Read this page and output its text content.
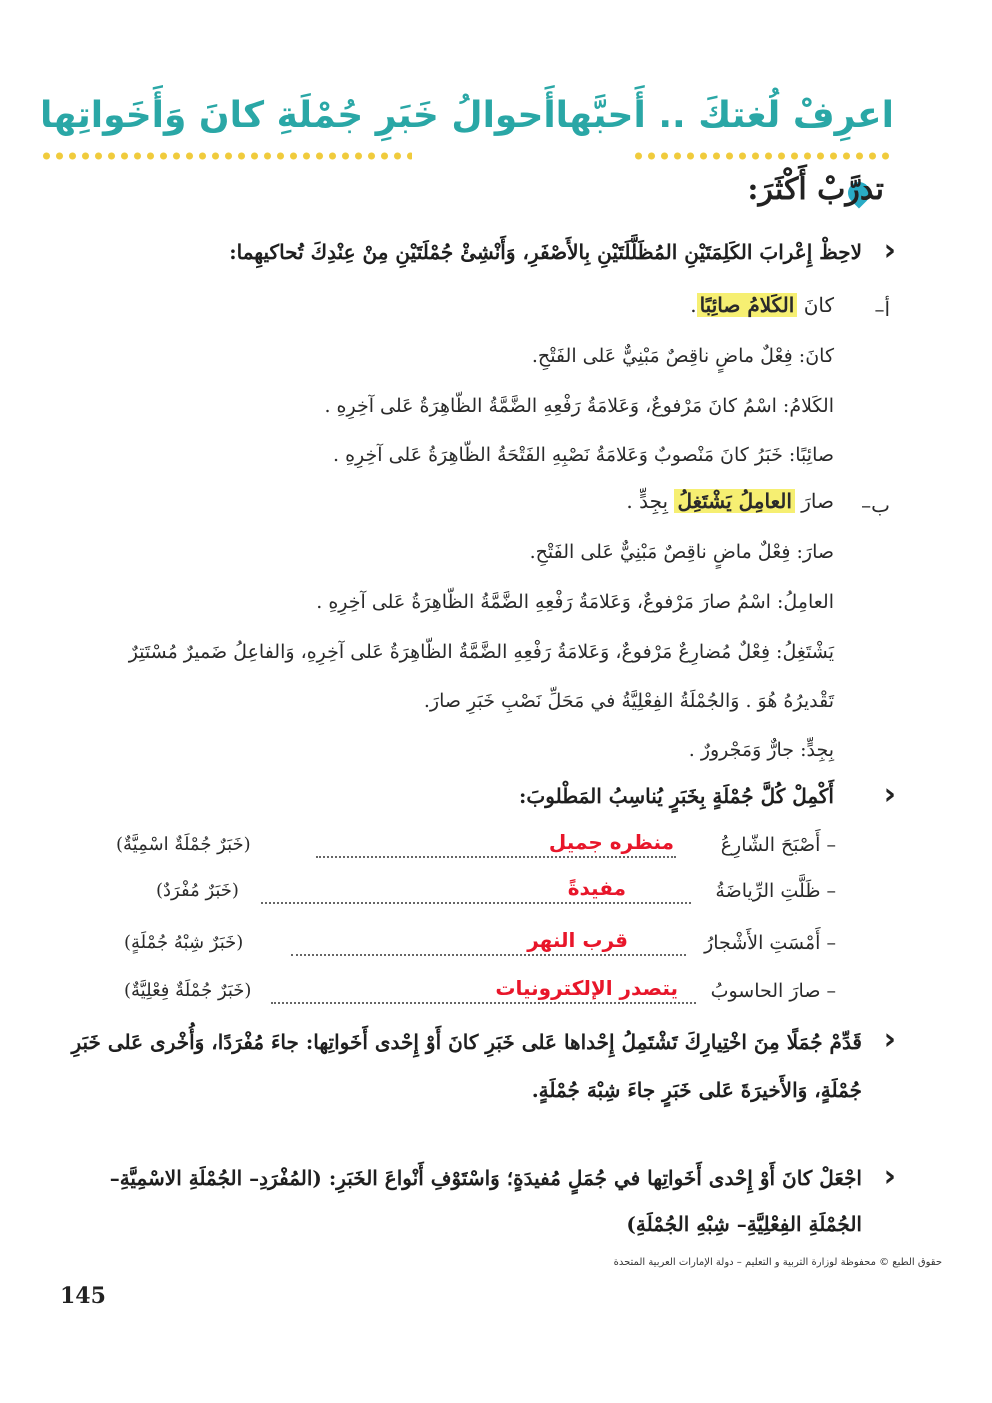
اعرِفْ لُغتكَ .. أَحبَّها
أَحوالُ خَبَرِ جُمْلَةِ كانَ وَأَخَواتِها
تدرَّبْ أَكْثَرَ:
›
لاحِظْ إِعْرابَ الكَلِمَتَيْنِ المُظَلَّلَتَيْنِ بِالأَصْفَرِ، وَأَنْشِئْ جُمْلَتَيْنِ مِنْ عِنْدِكَ تُحاكيهِما:
أ–
كانَ الكَلامُ صائِبًا.
كانَ: فِعْلٌ ماضٍ ناقِصٌ مَبْنِيٌّ عَلى الفَتْحِ.
الكَلامُ: اسْمُ كانَ مَرْفوعٌ، وَعَلامَةُ رَفْعِهِ الضَّمَّةُ الظّاهِرَةُ عَلى آخِرِهِ .
صائِبًا: خَبَرُ كانَ مَنْصوبٌ وَعَلامَةُ نَصْبِهِ الفَتْحَةُ الظّاهِرَةُ عَلى آخِرِهِ .
ب–
صارَ العامِلُ يَشْتَغِلُ بِجِدٍّ .
صارَ: فِعْلٌ ماضٍ ناقِصٌ مَبْنِيٌّ عَلى الفَتْحِ.
العامِلُ: اسْمُ صارَ مَرْفوعٌ، وَعَلامَةُ رَفْعِهِ الضَّمَّةُ الظّاهِرَةُ عَلى آخِرِهِ .
يَشْتَغِلُ: فِعْلٌ مُضارِعٌ مَرْفوعٌ، وَعَلامَةُ رَفْعِهِ الضَّمَّةُ الظّاهِرَةُ عَلى آخِرِهِ، وَالفاعِلُ ضَميرٌ مُسْتَتِرٌ
تَقْديرُهُ هُوَ . وَالجُمْلَةُ الفِعْلِيَّةُ في مَحَلِّ نَصْبِ خَبَرِ صارَ.
بِجِدٍّ: جارٌّ وَمَجْرورٌ .
›
أَكْمِلْ كُلَّ جُمْلَةٍ بِخَبَرٍ يُناسِبُ المَطْلوبَ:
– أَصْبَحَ الشّارِعُ
منظره جميل
(خَبَرٌ جُمْلَةٌ اسْمِيَّةٌ)
– ظَلَّتِ الرِّياضَةُ
مفيدةً
(خَبَرٌ مُفْرَدٌ)
– أَمْسَتِ الأَشْجارُ
قرب النهر
(خَبَرٌ شِبْهُ جُمْلَةٍ)
– صارَ الحاسوبُ
يتصدر الإلكترونيات
(خَبَرٌ جُمْلَةٌ فِعْلِيَّةٌ)
›
قَدِّمْ جُمَلًا مِنَ اخْتِيارِكَ تَشْتَمِلُ إِحْداها عَلى خَبَرِ كانَ أَوْ إِحْدى أَخَواتِها: جاءَ مُفْرَدًا، وَأُخْرى عَلى خَبَرِ
جُمْلَةٍ، وَالأَخيرَةَ عَلى خَبَرٍ جاءَ شِبْهَ جُمْلَةٍ.
›
اجْعَلْ كانَ أَوْ إِحْدى أَخَواتِها في جُمَلٍ مُفيدَةٍ؛ وَاسْتَوْفِ أَنْواعَ الخَبَرِ: (المُفْرَدِ– الجُمْلَةِ الاسْمِيَّةِ–
الجُمْلَةِ الفِعْلِيَّةِ– شِبْهِ الجُمْلَةِ)
حقوق الطبع © محفوظة لوزارة التربية و التعليم – دولة الإمارات العربية المتحدة
145
